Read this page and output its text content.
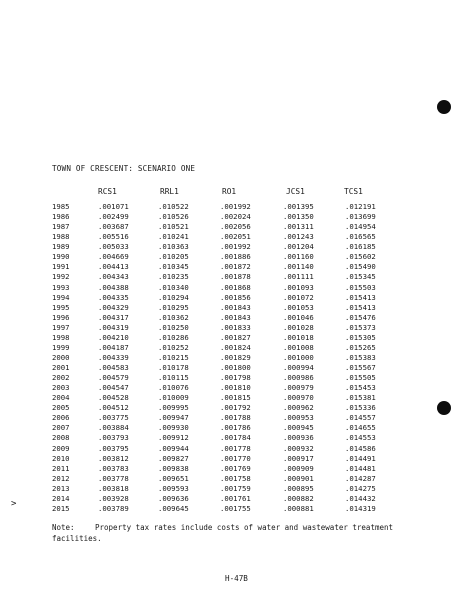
TOWN OF CRESCENT: SCENARIO ONE
RCS1	RRL1	RO1	JCS1	TCS1
1985	.001071	.010522	.001992	.001395	.012191
1986	.002499	.010526	.002024	.001350	.013699
1987	.003687	.010521	.002056	.001311	.014954
1988	.005516	.010241	.002051	.001243	.016565
1989	.005033	.010363	.001992	.001204	.016185
1990	.004669	.010205	.001886	.001160	.015602
1991	.004413	.010345	.001872	.001140	.015490
1992	.004343	.010235	.001878	.001111	.015345
1993	.004388	.010340	.001868	.001093	.015503
1994	.004335	.010294	.001856	.001072	.015413
1995	.004329	.010295	.001843	.001053	.015413
1996	.004317	.010362	.001843	.001046	.015476
1997	.004319	.010250	.001833	.001028	.015373
1998	.004210	.010286	.001827	.001018	.015305
1999	.004187	.010252	.001824	.001008	.015265
2000	.004339	.010215	.001829	.001000	.015383
2001	.004583	.010178	.001800	.000994	.015567
2002	.004579	.010115	.001798	.000986	.015505
2003	.004547	.010076	.001810	.000979	.015453
2004	.004528	.010009	.001815	.000970	.015381
2005	.004512	.009995	.001792	.000962	.015336
2006	.003775	.009947	.001788	.000953	.014557
2007	.003884	.009930	.001786	.000945	.014655
2008	.003793	.009912	.001784	.000936	.014553
2009	.003795	.009944	.001778	.000932	.014586
2010	.003812	.009827	.001770	.000917	.014491
2011	.003783	.009838	.001769	.000909	.014481
2012	.003778	.009651	.001758	.000901	.014287
2013	.003818	.009593	.001759	.000895	.014275
2014	.003928	.009636	.001761	.000882	.014432
2015	.003789	.009645	.001755	.000881	.014319
>
Note:	Property tax rates include costs of water and wastewater treatment
facilities.
H-47B
